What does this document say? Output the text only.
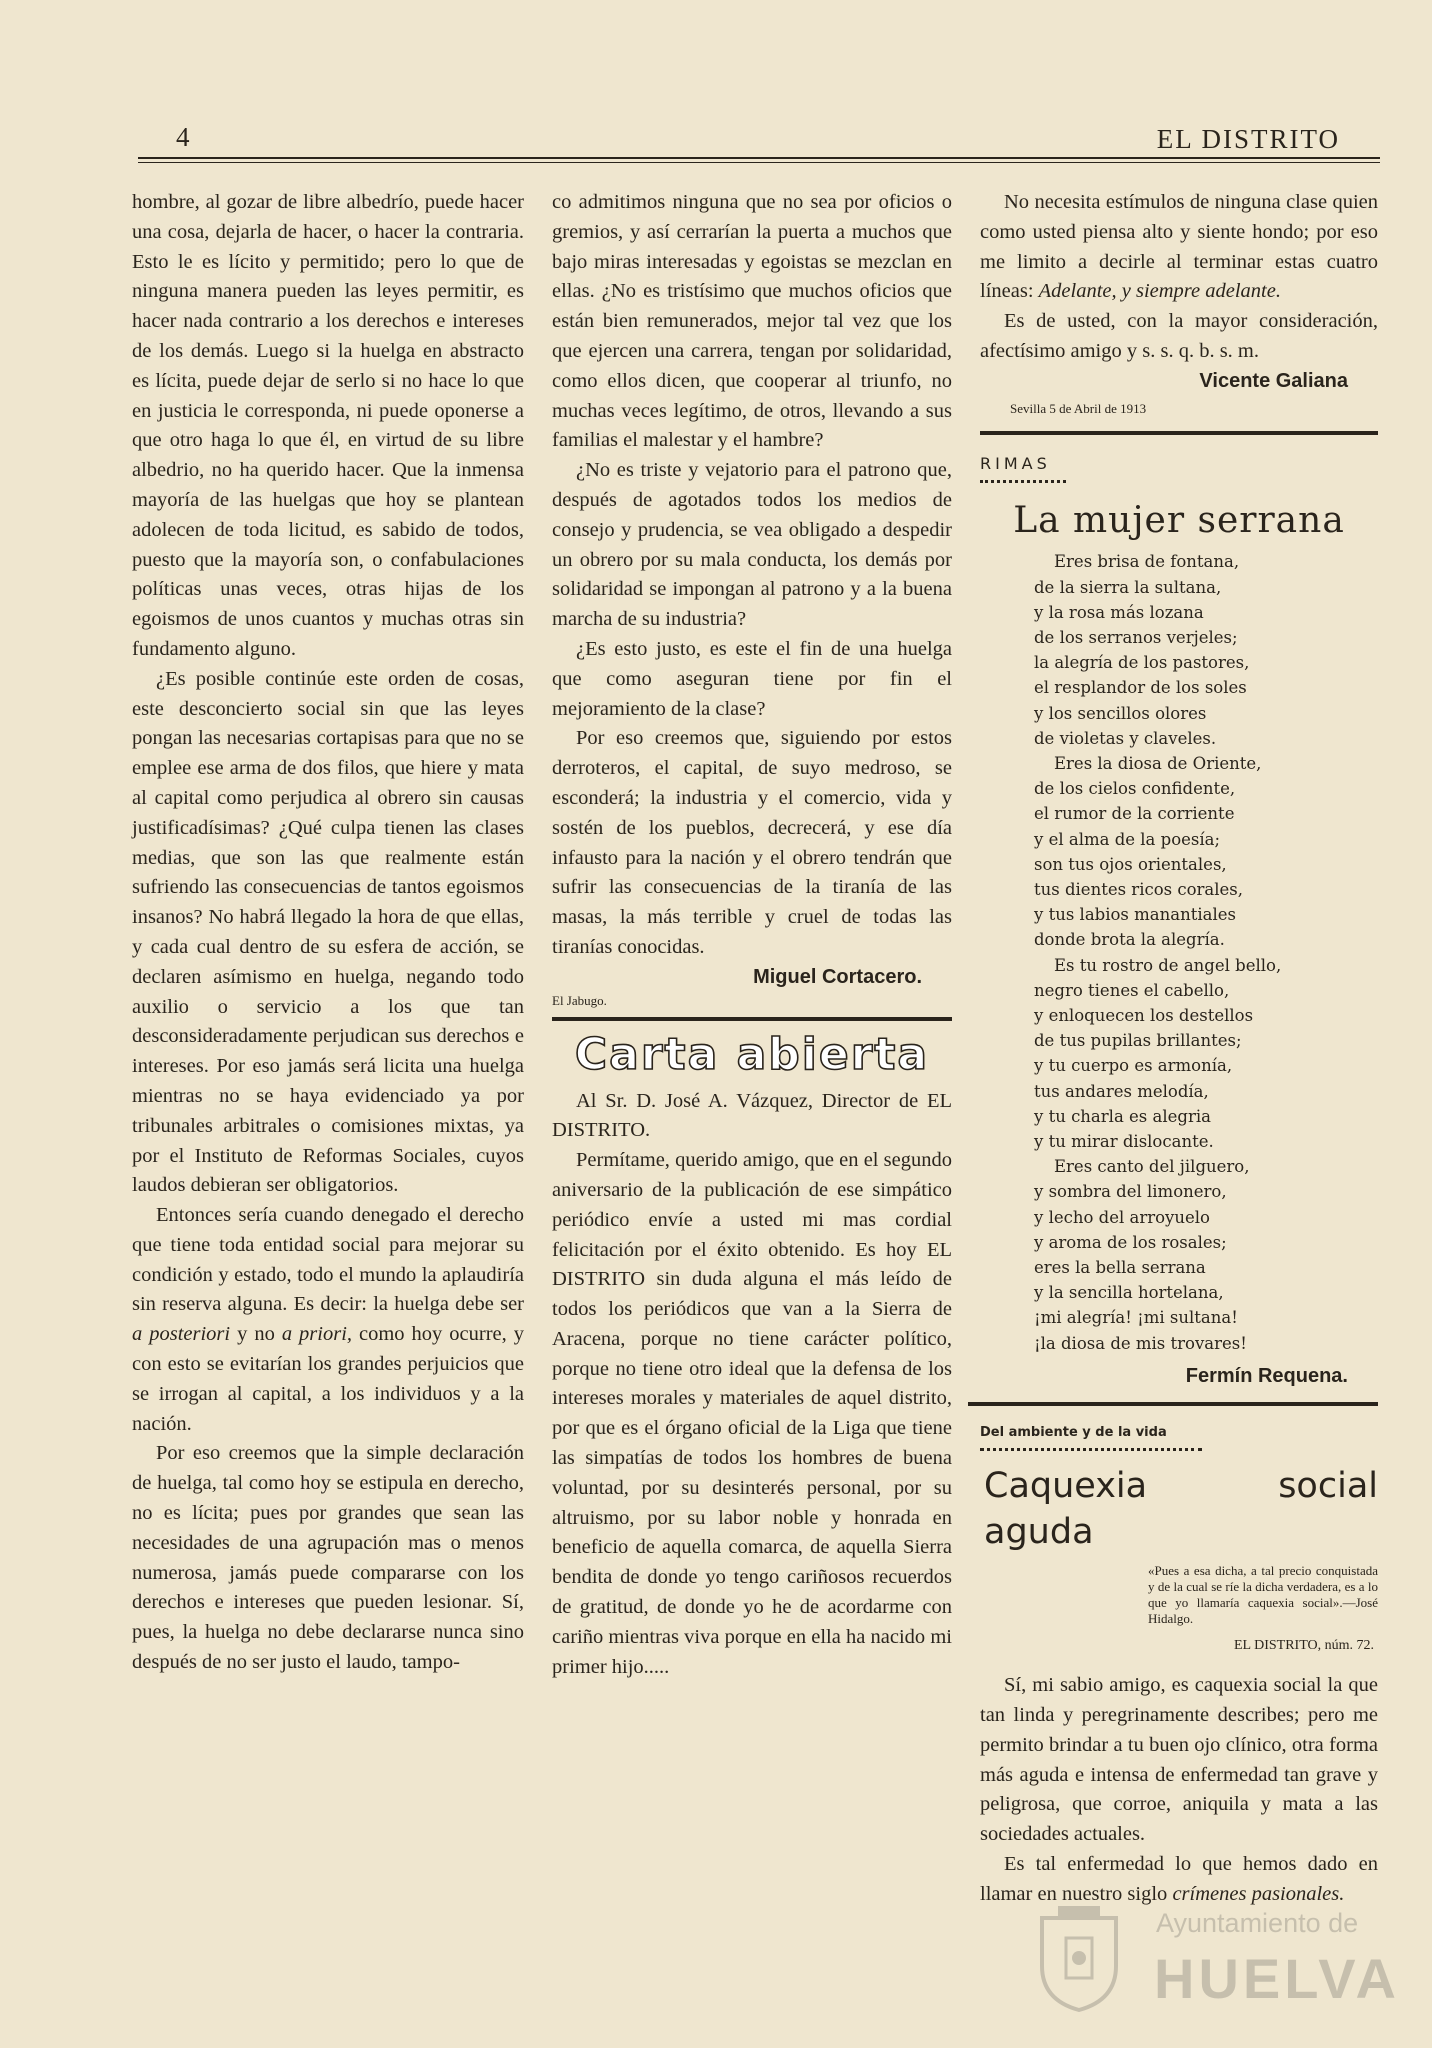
4	EL DISTRITO

hombre, al gozar de libre albedrío, puede hacer una cosa, dejarla de hacer, o hacer la contraria. Esto le es lícito y permitido; pero lo que de ninguna manera pueden las leyes permitir, es hacer nada contrario a los derechos e intereses de los demás. Luego si la huelga en abstracto es lícita, puede dejar de serlo si no hace lo que en justicia le corresponda, ni puede oponerse a que otro haga lo que él, en virtud de su libre albedrio, no ha querido hacer. Que la inmensa mayoría de las huelgas que hoy se plantean adolecen de toda licitud, es sabido de todos, puesto que la mayoría son, o confabulaciones políticas unas veces, otras hijas de los egoismos de unos cuantos y muchas otras sin fundamento alguno.

¿Es posible continúe este orden de cosas, este desconcierto social sin que las leyes pongan las necesarias cortapisas para que no se emplee ese arma de dos filos, que hiere y mata al capital como perjudica al obrero sin causas justificadísimas? ¿Qué culpa tienen las clases medias, que son las que realmente están sufriendo las consecuencias de tantos egoismos insanos? No habrá llegado la hora de que ellas, y cada cual dentro de su esfera de acción, se declaren asímismo en huelga, negando todo auxilio o servicio a los que tan desconsideradamente perjudican sus derechos e intereses. Por eso jamás será licita una huelga mientras no se haya evidenciado ya por tribunales arbitrales o comisiones mixtas, ya por el Instituto de Reformas Sociales, cuyos laudos debieran ser obligatorios.

Entonces sería cuando denegado el derecho que tiene toda entidad social para mejorar su condición y estado, todo el mundo la aplaudiría sin reserva alguna. Es decir: la huelga debe ser a posteriori y no a priori, como hoy ocurre, y con esto se evitarían los grandes perjuicios que se irrogan al capital, a los individuos y a la nación.

Por eso creemos que la simple declaración de huelga, tal como hoy se estipula en derecho, no es lícita; pues por grandes que sean las necesidades de una agrupación mas o menos numerosa, jamás puede compararse con los derechos e intereses que pueden lesionar. Sí, pues, la huelga no debe declararse nunca sino después de no ser justo el laudo, tampo-

co admitimos ninguna que no sea por oficios o gremios, y así cerrarían la puerta a muchos que bajo miras interesadas y egoistas se mezclan en ellas. ¿No es tristísimo que muchos oficios que están bien remunerados, mejor tal vez que los que ejercen una carrera, tengan por solidaridad, como ellos dicen, que cooperar al triunfo, no muchas veces legítimo, de otros, llevando a sus familias el malestar y el hambre?

¿No es triste y vejatorio para el patrono que, después de agotados todos los medios de consejo y prudencia, se vea obligado a despedir un obrero por su mala conducta, los demás por solidaridad se impongan al patrono y a la buena marcha de su industria?

¿Es esto justo, es este el fin de una huelga que como aseguran tiene por fin el mejoramiento de la clase?

Por eso creemos que, siguiendo por estos derroteros, el capital, de suyo medroso, se esconderá; la industria y el comercio, vida y sostén de los pueblos, decrecerá, y ese día infausto para la nación y el obrero tendrán que sufrir las consecuencias de la tiranía de las masas, la más terrible y cruel de todas las tiranías conocidas.

Miguel Cortacero.

El Jabugo.

Carta abierta

Al Sr. D. José A. Vázquez, Director de EL DISTRITO.

Permítame, querido amigo, que en el segundo aniversario de la publicación de ese simpático periódico envíe a usted mi mas cordial felicitación por el éxito obtenido. Es hoy EL DISTRITO sin duda alguna el más leído de todos los periódicos que van a la Sierra de Aracena, porque no tiene carácter político, porque no tiene otro ideal que la defensa de los intereses morales y materiales de aquel distrito, por que es el órgano oficial de la Liga que tiene las simpatías de todos los hombres de buena voluntad, por su desinterés personal, por su altruismo, por su labor noble y honrada en beneficio de aquella comarca, de aquella Sierra bendita de donde yo tengo cariñosos recuerdos de gratitud, de donde yo he de acordarme con cariño mientras viva porque en ella ha nacido mi primer hijo.....

No necesita estímulos de ninguna clase quien como usted piensa alto y siente hondo; por eso me limito a decirle al terminar estas cuatro líneas: Adelante, y siempre adelante.

Es de usted, con la mayor consideración, afectísimo amigo y s. s. q. b. s. m.

Vicente Galiana

Sevilla 5 de Abril de 1913

RIMAS
La mujer serrana
Eres brisa de fontana,
de la sierra la sultana,
y la rosa más lozana
de los serranos verjeles;
la alegría de los pastores,
el resplandor de los soles
y los sencillos olores
de violetas y claveles.
Eres la diosa de Oriente,
de los cielos confidente,
el rumor de la corriente
y el alma de la poesía;
son tus ojos orientales,
tus dientes ricos corales,
y tus labios manantiales
donde brota la alegría.
Es tu rostro de angel bello,
negro tienes el cabello,
y enloquecen los destellos
de tus pupilas brillantes;
y tu cuerpo es armonía,
tus andares melodía,
y tu charla es alegria
y tu mirar dislocante.
Eres canto del jilguero,
y sombra del limonero,
y lecho del arroyuelo
y aroma de los rosales;
eres la bella serrana
y la sencilla hortelana,
¡mi alegría! ¡mi sultana!
¡la diosa de mis trovares!

Fermín Requena.

Del ambiente y de la vida
Caquexia social aguda
«Pues a esa dicha, a tal precio conquistada y de la cual se ríe la dicha verdadera, es a lo que yo llamaría caquexia social».—José Hidalgo.
EL DISTRITO, núm. 72.

Sí, mi sabio amigo, es caquexia social la que tan linda y peregrinamente describes; pero me permito brindar a tu buen ojo clínico, otra forma más aguda e intensa de enfermedad tan grave y peligrosa, que corroe, aniquila y mata a las sociedades actuales.

Es tal enfermedad lo que hemos dado en llamar en nuestro siglo crímenes pasionales.

Ayuntamiento de
HUELVA
